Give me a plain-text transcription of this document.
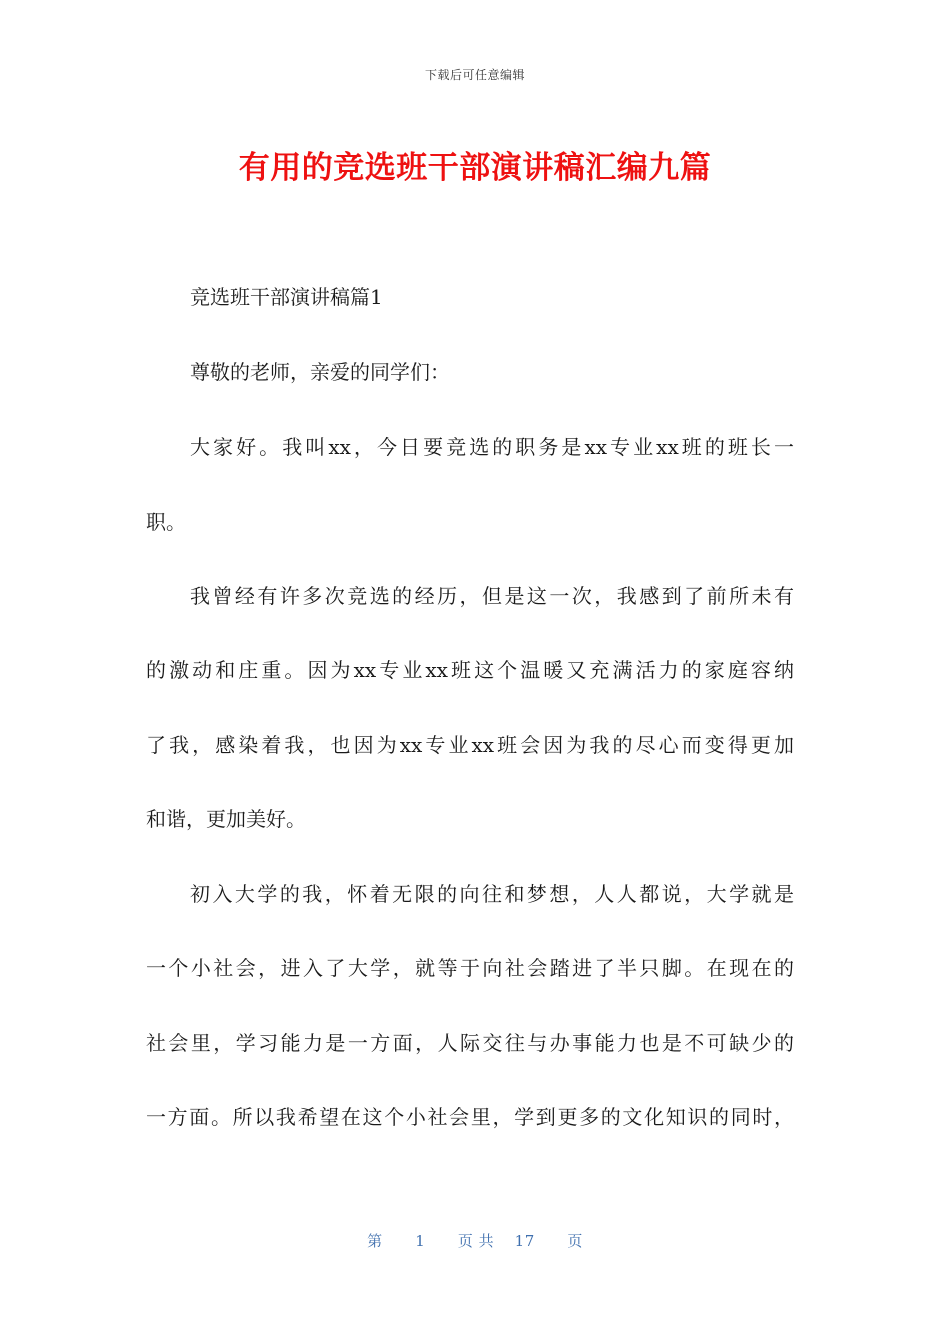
下载后可任意编辑
有用的竞选班干部演讲稿汇编九篇
竞选班干部演讲稿篇1
尊敬的老师，亲爱的同学们：
大家好。我叫xx，今日要竞选的职务是xx专业xx班的班长一
职。
我曾经有许多次竞选的经历，但是这一次，我感到了前所未有
的激动和庄重。因为xx专业xx班这个温暖又充满活力的家庭容纳
了我，感染着我，也因为xx专业xx班会因为我的尽心而变得更加
和谐，更加美好。
初入大学的我，怀着无限的向往和梦想，人人都说，大学就是
一个小社会，进入了大学，就等于向社会踏进了半只脚。在现在的
社会里，学习能力是一方面，人际交往与办事能力也是不可缺少的
一方面。所以我希望在这个小社会里，学到更多的文化知识的同时，
第 1 页 共 17 页
